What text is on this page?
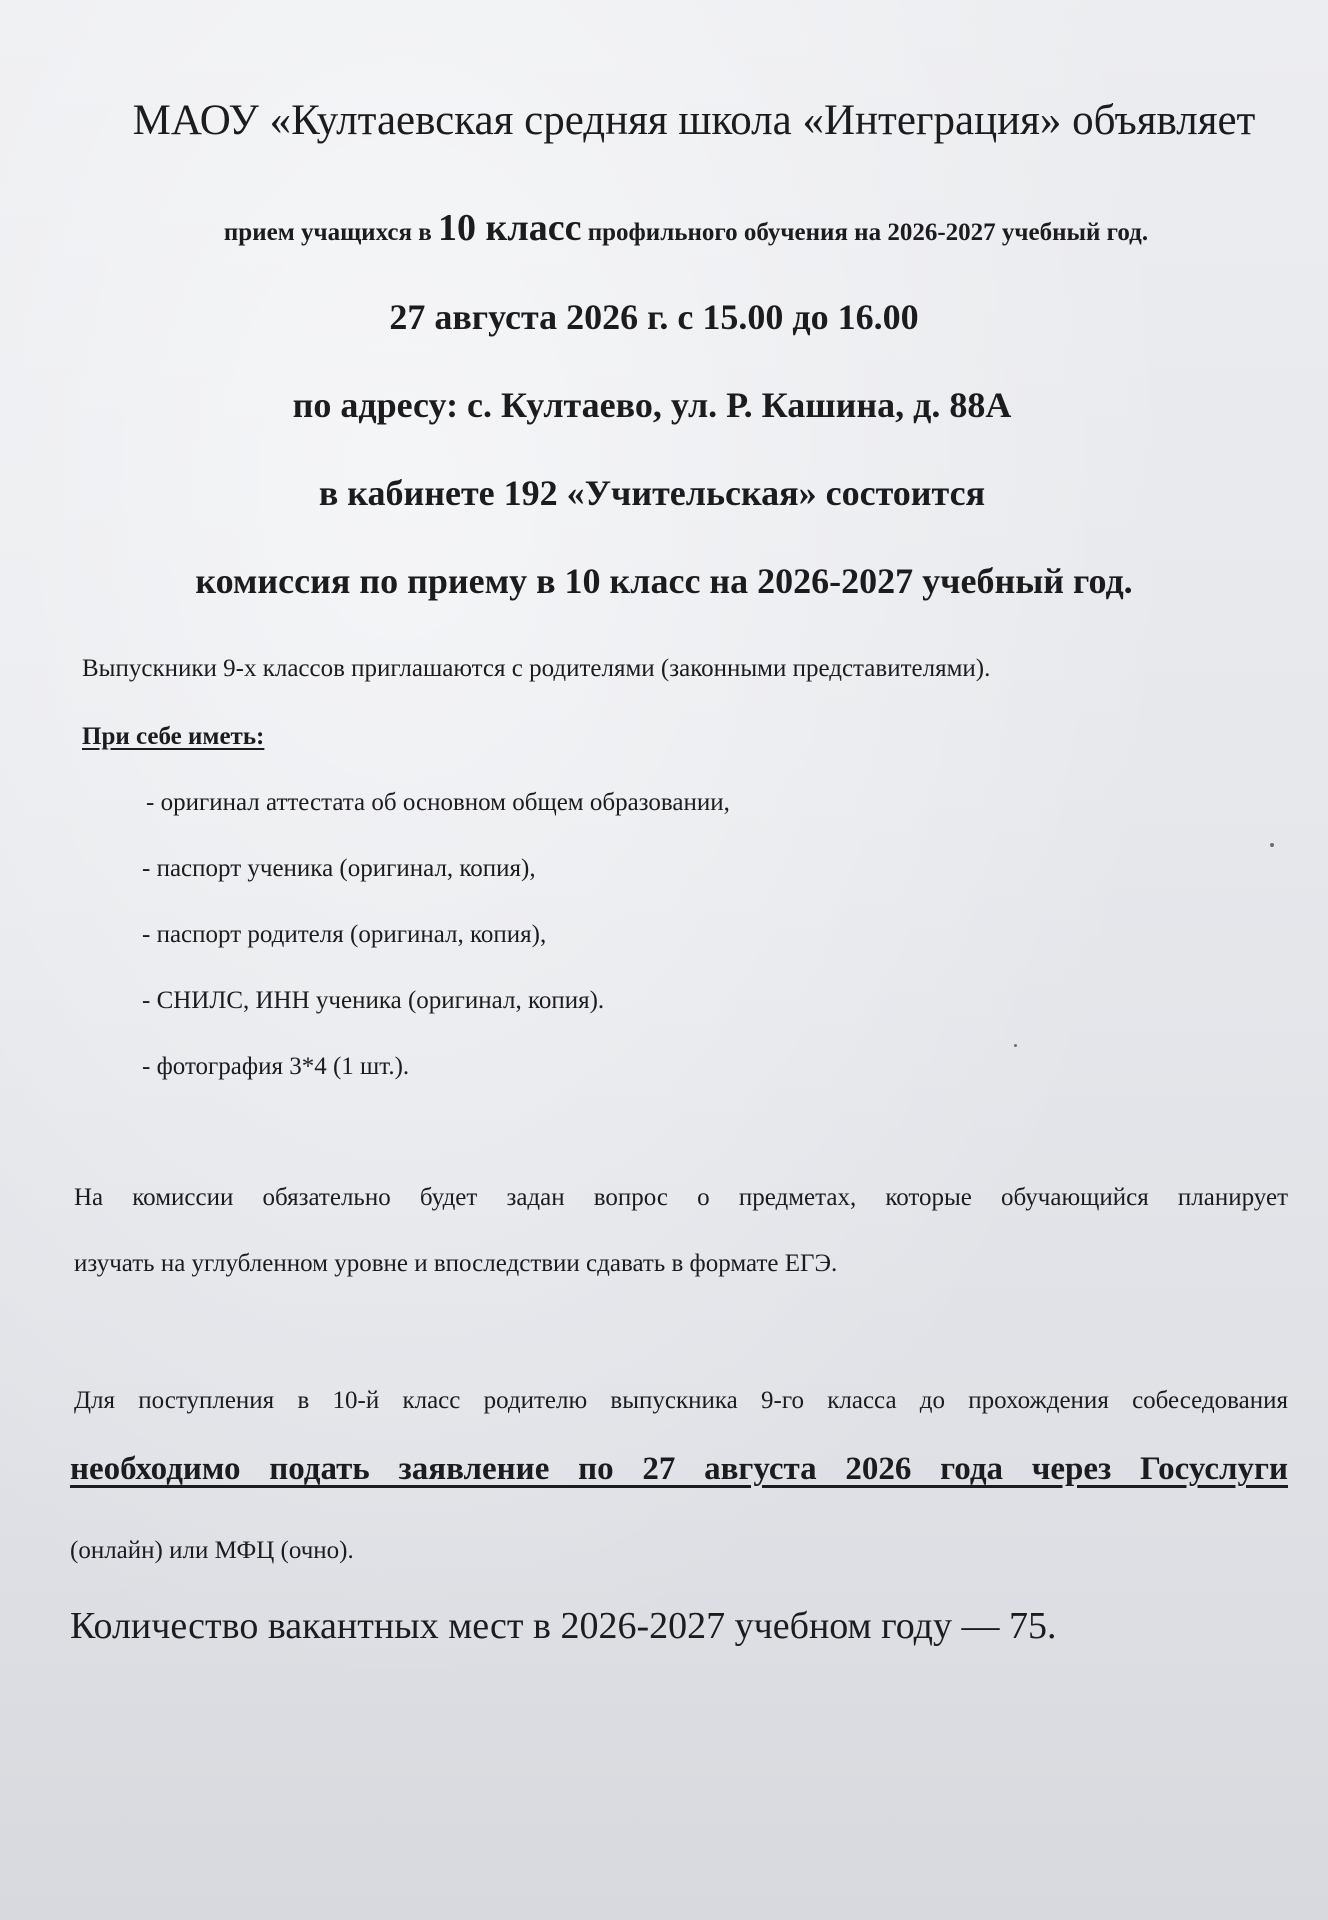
МАОУ «Култаевская средняя школа «Интеграция» объявляет
прием учащихся в 10 класс профильного обучения на 2026-2027 учебный год.
27 августа 2026 г. с 15.00 до 16.00
по адресу: с. Култаево, ул. Р. Кашина, д. 88А
в кабинете 192 «Учительская» состоится
комиссия по приему в 10 класс на 2026-2027 учебный год.
Выпускники 9-х классов приглашаются с родителями (законными представителями).
При себе иметь:
- оригинал аттестата об основном общем образовании,
- паспорт ученика (оригинал, копия),
- паспорт родителя (оригинал, копия),
- СНИЛС, ИНН ученика (оригинал, копия).
- фотография 3*4 (1 шт.).
На комиссии обязательно будет задан вопрос о предметах, которые обучающийся планирует
изучать на углубленном уровне и впоследствии сдавать в формате ЕГЭ.
Для поступления в 10-й класс родителю выпускника 9-го класса до прохождения собеседования
необходимо подать заявление по 27 августа 2026 года через Госуслуги
(онлайн) или МФЦ (очно).
Количество вакантных мест в 2026-2027 учебном году — 75.
